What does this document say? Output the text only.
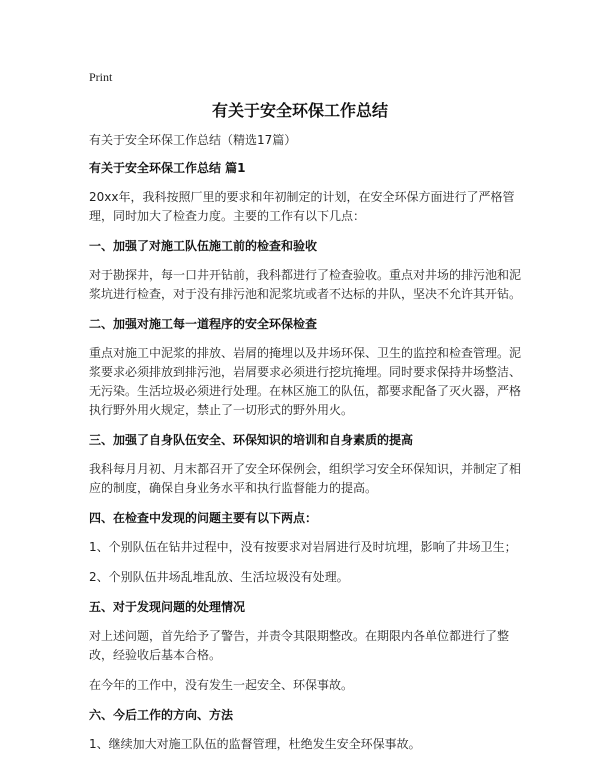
Print
有关于安全环保工作总结

有关于安全环保工作总结（精选17篇）

有关于安全环保工作总结 篇1

20xx年，我科按照厂里的要求和年初制定的计划，在安全环保方面进行了严格管理，同时加大了检查力度。主要的工作有以下几点：

一、加强了对施工队伍施工前的检查和验收

对于勘探井，每一口井开钻前，我科都进行了检查验收。重点对井场的排污池和泥浆坑进行检查，对于没有排污池和泥浆坑或者不达标的井队，坚决不允许其开钻。

二、加强对施工每一道程序的安全环保检查

重点对施工中泥浆的排放、岩屑的掩埋以及井场环保、卫生的监控和检查管理。泥浆要求必须排放到排污池，岩屑要求必须进行挖坑掩埋。同时要求保持井场整洁、无污染。生活垃圾必须进行处理。在林区施工的队伍，都要求配备了灭火器，严格执行野外用火规定，禁止了一切形式的野外用火。

三、加强了自身队伍安全、环保知识的培训和自身素质的提高

我科每月月初、月末都召开了安全环保例会，组织学习安全环保知识，并制定了相应的制度，确保自身业务水平和执行监督能力的提高。

四、在检查中发现的问题主要有以下两点：

1、个别队伍在钻井过程中，没有按要求对岩屑进行及时坑埋，影响了井场卫生；

2、个别队伍井场乱堆乱放、生活垃圾没有处理。

五、对于发现问题的处理情况

对上述问题，首先给予了警告，并责令其限期整改。在期限内各单位都进行了整改，经验收后基本合格。

在今年的工作中，没有发生一起安全、环保事故。

六、今后工作的方向、方法

1、继续加大对施工队伍的监督管理，杜绝发生安全环保事故。
